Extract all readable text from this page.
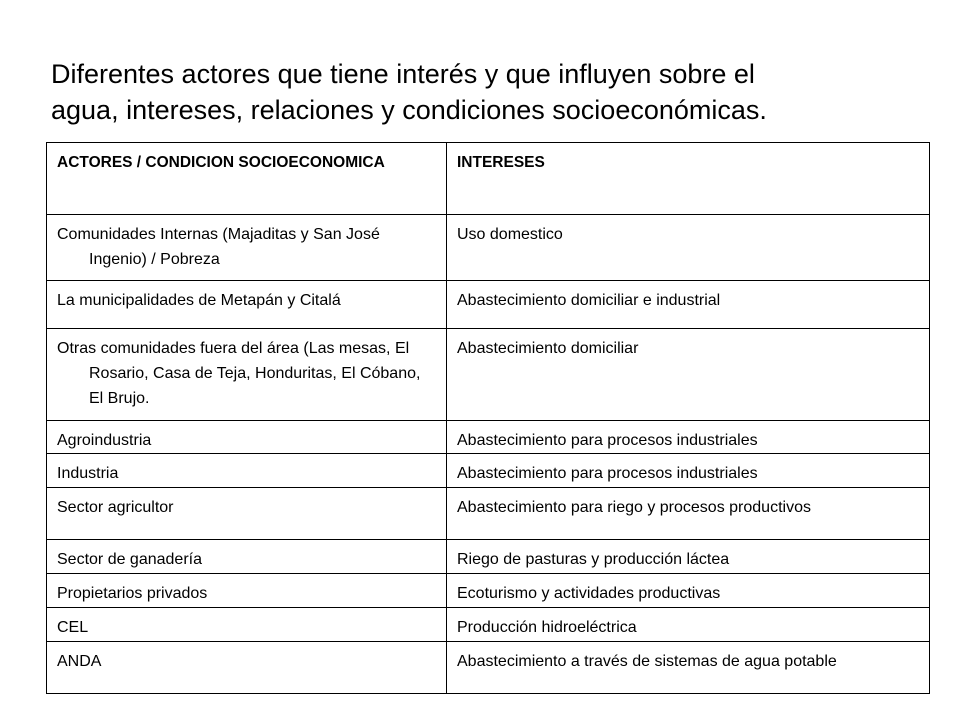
Diferentes actores que tiene interés y que influyen sobre el
agua, intereses, relaciones y condiciones socioeconómicas.
ACTORES / CONDICION SOCIOECONOMICA	INTERESES

Comunidades Internas (Majaditas y San José Ingenio) / Pobreza	Uso domestico

La municipalidades de Metapán y Citalá	Abastecimiento domiciliar e industrial

Otras comunidades fuera del área (Las mesas, El Rosario, Casa de Teja, Honduritas, El Cóbano, El Brujo.	Abastecimiento domiciliar

Agroindustria	Abastecimiento para procesos industriales

Industria	Abastecimiento para procesos industriales

Sector agricultor	Abastecimiento para riego y procesos productivos

Sector de ganadería	Riego de pasturas y producción láctea

Propietarios privados	Ecoturismo y actividades productivas

CEL	Producción hidroeléctrica

ANDA	Abastecimiento a través de sistemas de agua potable
